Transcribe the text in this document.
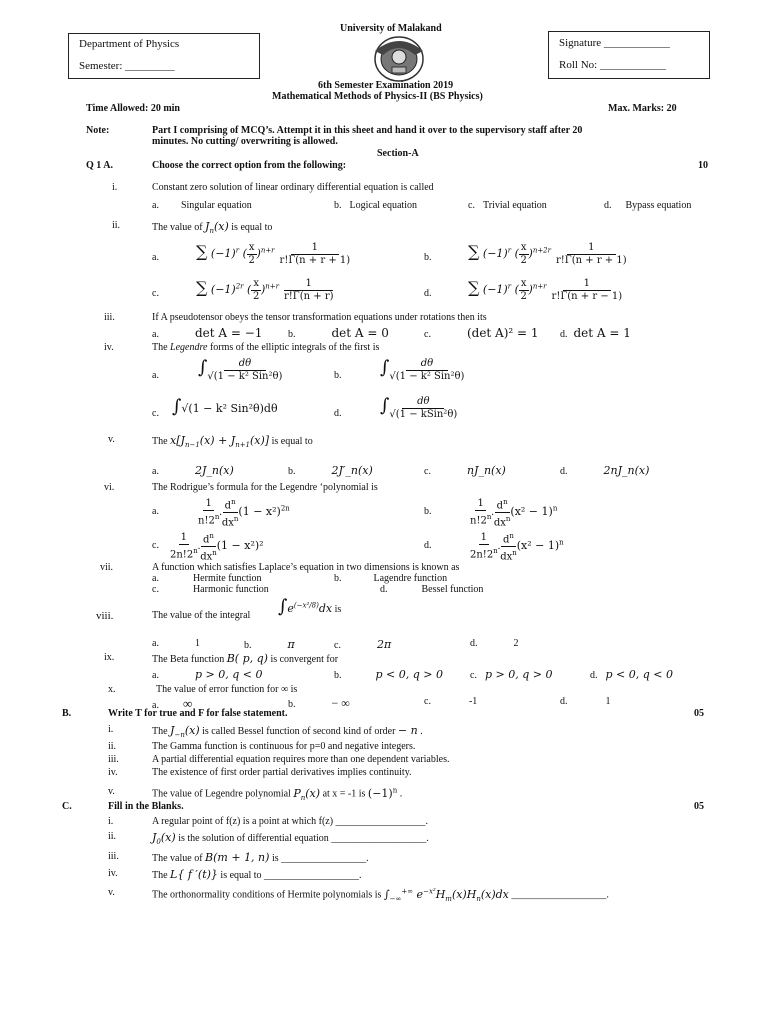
University of Malakand
Department of Physics
Semester: _________
Signature ____________
Roll No: ____________
6th Semester Examination 2019
Mathematical Methods of Physics-II (BS Physics)
Time Allowed: 20 min	Max. Marks: 20
Note:	Part I comprising of MCQ’s. Attempt it in this sheet and hand it over to the supervisory staff after 20
minutes. No cutting/ overwriting is allowed.
Section-A
Q 1 A.	Choose the correct option from the following:	10
i.	Constant zero solution of linear ordinary differential equation is called
a. Singular equation	b. Logical equation	c. Trivial equation	d. Bypass equation
ii.	The value of $J_n(x)$ is equal to
a. ∑ $(-1)^r$ ( $\frac{x}{2} )^{n+r} \frac{1}{r!\Gamma(n + r + 1)}$	b. ∑ $(-1)^r$ ( $\frac{x}{2} )^{n+2r} \frac{1}{r!\Gamma(n + r + 1)}$
c. ∑ $(-1)^{2r}$ ( $\frac{x}{2} )^{n+r} \frac{1}{r!\Gamma(n + r)}$	d. ∑ $(-1)^r$ ( $\frac{x}{2} )^{n+r} \frac{1}{r!\Gamma(n + r - 1)}$
iii.	If A pseudotensor obeys the tensor transformation equations under rotations then its
a.	det A = −1	b.	det A = 0	c.	(det A)² = 1 d. det A = 1
iv.	The Legendre forms of the elliptic integrals of the first is
a. ∫ $\frac{d\theta}{\text{√(1 − k² Sin²θ)}}$	b. ∫ $\frac{d\theta}{\text{√(1 − k² Sin²θ)}}$
c. ∫√(1 − k² Sin²θ)dθ	d. ∫ $\frac{d\theta}{\text{√(1 − kSin²θ)}}$
v.	The $x[J_{n-1}(x) + J_{n+1}(x)]$ is equal to
a.	2J_n(x)	b.	2J′_n(x)	c.	nJ_n(x)	d.	2nJ_n(x)
vi.	The Rodrigue’s formula for the Legendre ‘polynomial is
a.	$\frac{1}{n!2^n}$ . $\frac{d^n}{dx^n} (1 - x^2)^{2n}$	b.	$\frac{1}{n!2^n}$ . $\frac{d^n}{dx^n} (x^2 - 1)^n$
c. $\frac{1}{2n!2^n}$ . $\frac{d^n}{dx^n} (1 - x^2)^2$	d.	$\frac{1}{2n!2^n}$ . $\frac{d^n}{dx^n} (x^2 - 1)^n$
vii.	A function which satisfies Laplace’s equation in two dimensions is known as
a.	Hermite function	b.	Lagendre function
c.	Harmonic function	d.	Bessel function
viii.	The value of the integral $\int e^{(-x^2/8)}dx$ is
a.	1	b.	π	c.	2π	d.	2
ix.	The Beta function B( p, q) is convergent for
a.	p > 0, q < 0	b.	p < 0, q > 0	c. p > 0, q > 0	d. p < 0, q < 0
x.	The value of error function for ∞ is
a. ∞	b.	− ∞	c.	-1	d.	1
B.	Write T for true and F for false statement.	05
i.	The $J_{-n}(x)$ is called Bessel function of second kind of order − n .
ii.	The Gamma function is continuous for p=0 and negative integers.
iii.	A partial differential equation requires more than one dependent variables.
iv.	The existence of first order partial derivatives implies continuity.
v.	The value of Legendre polynomial $P_n(x)$ at x = -1 is $(-1)^n$ .
C.	Fill in the Blanks.	05
i.	A regular point of f(z) is a point at which f(z) __________________.
ii.	$J_0(x)$ is the solution of differential equation ___________________.
iii.	The value of B(m + 1, n) is _________________.
iv.	The L{ f ′(t)} is equal to ___________________.
v.	The orthonormality conditions of Hermite polynomials is $\int_{-\infty}^{+\infty}$ $e^{-x^2}H_m(x)H_n(x)dx$ ___________________.
